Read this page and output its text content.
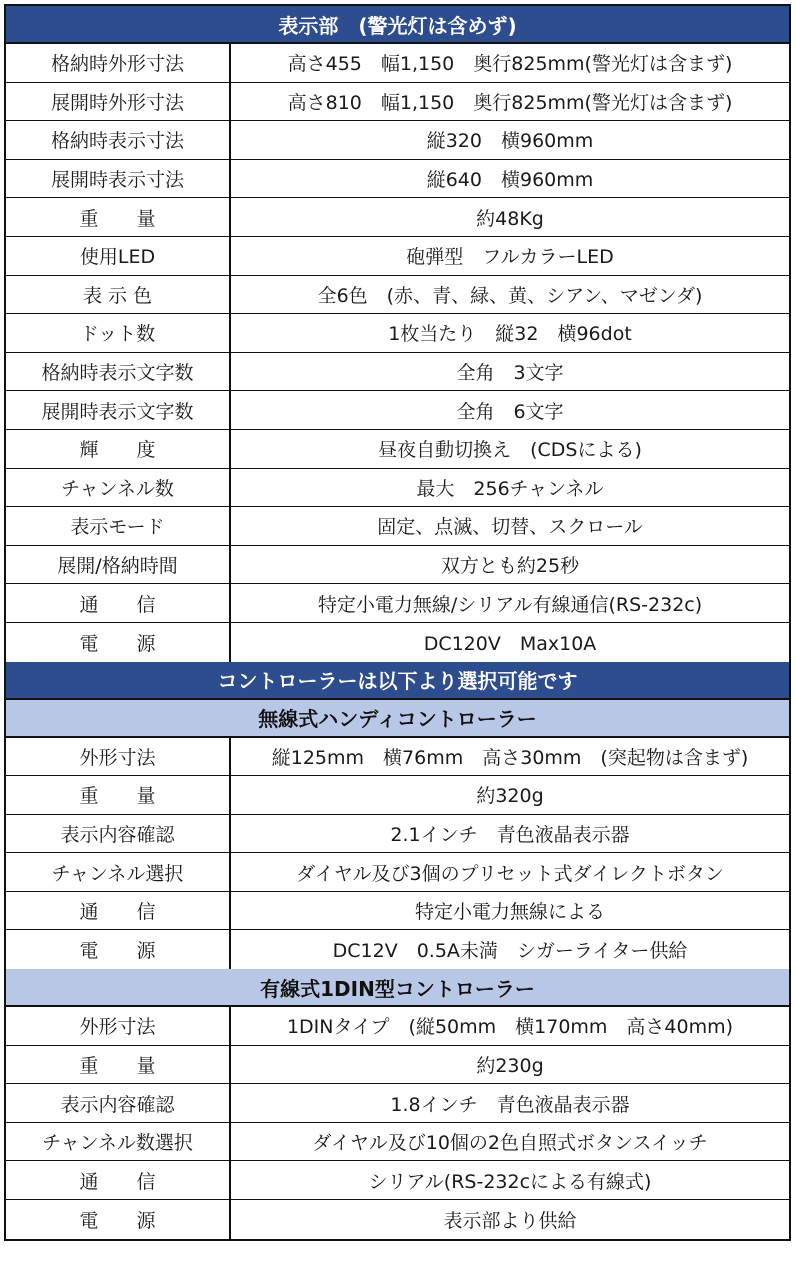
表示部　(警光灯は含めず)
格納時外形寸法	高さ455　幅1,150　奥行825mm(警光灯は含まず)
展開時外形寸法	高さ810　幅1,150　奥行825mm(警光灯は含まず)
格納時表示寸法	縦320　横960mm
展開時表示寸法	縦640　横960mm
重　　量	約48Kg
使用LED	砲弾型　フルカラーLED
表 示 色	全6色　(赤、青、緑、黄、シアン、マゼンダ)
ドット数	1枚当たり　縦32　横96dot
格納時表示文字数	全角　3文字
展開時表示文字数	全角　6文字
輝　　度	昼夜自動切換え　(CDSによる)
チャンネル数	最大　256チャンネル
表示モード	固定、点滅、切替、スクロール
展開/格納時間	双方とも約25秒
通　　信	特定小電力無線/シリアル有線通信(RS-232c)
電　　源	DC120V　Max10A
コントローラーは以下より選択可能です
無線式ハンディコントローラー
外形寸法	縦125mm　横76mm　高さ30mm　(突起物は含まず)
重　　量	約320g
表示内容確認	2.1インチ　青色液晶表示器
チャンネル選択	ダイヤル及び3個のプリセット式ダイレクトボタン
通　　信	特定小電力無線による
電　　源	DC12V　0.5A未満　シガーライター供給
有線式1DIN型コントローラー
外形寸法	1DINタイプ　(縦50mm　横170mm　高さ40mm)
重　　量	約230g
表示内容確認	1.8インチ　青色液晶表示器
チャンネル数選択	ダイヤル及び10個の2色自照式ボタンスイッチ
通　　信	シリアル(RS-232cによる有線式)
電　　源	表示部より供給
